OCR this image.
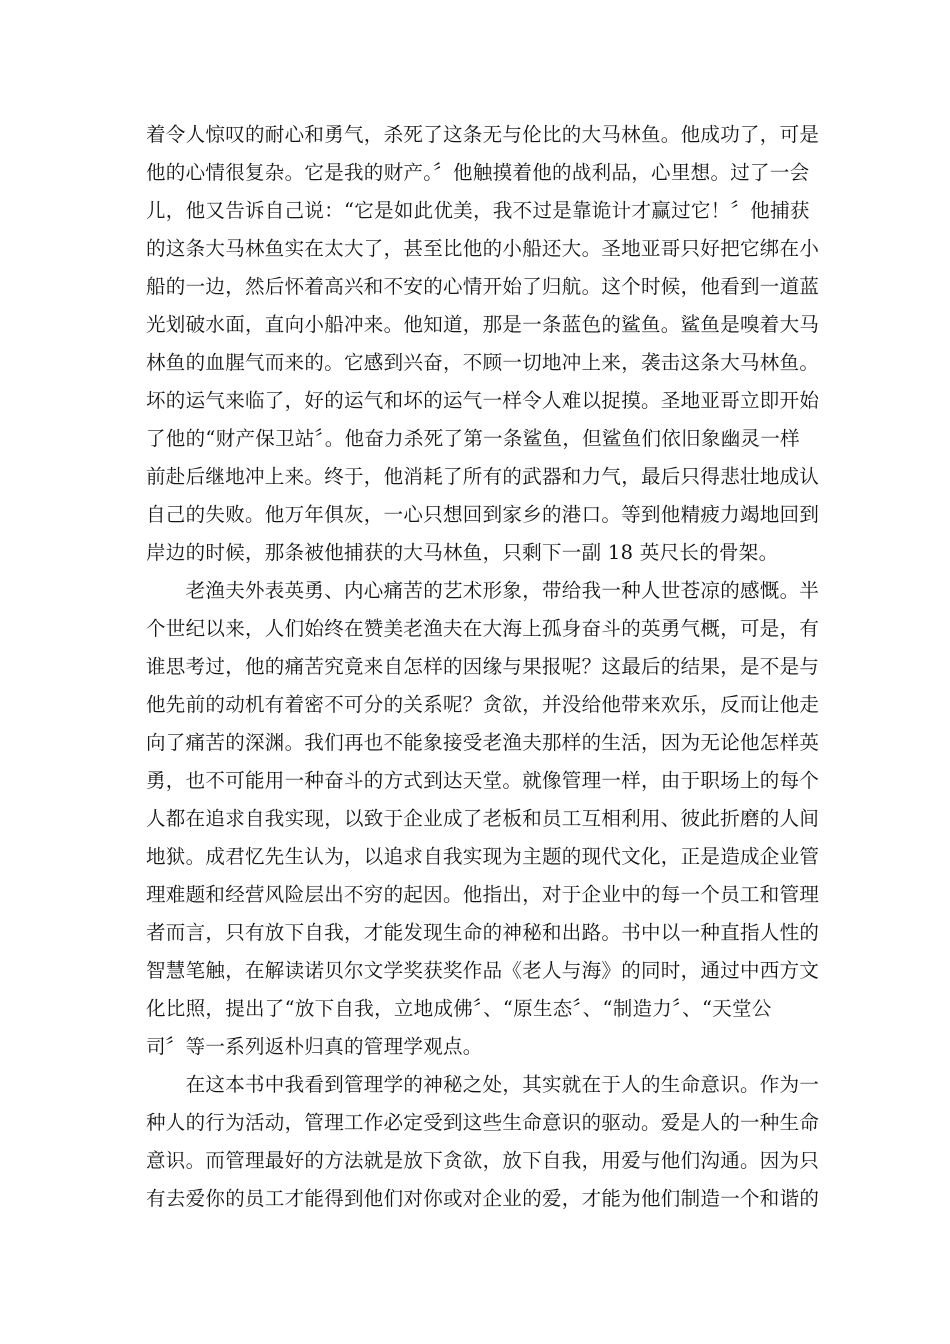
着令人惊叹的耐心和勇气，杀死了这条无与伦比的大马林鱼。他成功了，可是
他的心情很复杂。它是我的财产。〞他触摸着他的战利品，心里想。过了一会
儿，他又告诉自己说：“它是如此优美，我不过是靠诡计才赢过它！〞他捕获
的这条大马林鱼实在太大了，甚至比他的小船还大。圣地亚哥只好把它绑在小
船的一边，然后怀着高兴和不安的心情开始了归航。这个时候，他看到一道蓝
光划破水面，直向小船冲来。他知道，那是一条蓝色的鲨鱼。鲨鱼是嗅着大马
林鱼的血腥气而来的。它感到兴奋，不顾一切地冲上来，袭击这条大马林鱼。
坏的运气来临了，好的运气和坏的运气一样令人难以捉摸。圣地亚哥立即开始
了他的“财产保卫站〞。他奋力杀死了第一条鲨鱼，但鲨鱼们依旧象幽灵一样
前赴后继地冲上来。终于，他消耗了所有的武器和力气，最后只得悲壮地成认
自己的失败。他万年俱灰，一心只想回到家乡的港口。等到他精疲力竭地回到
岸边的时候，那条被他捕获的大马林鱼，只剩下一副 18 英尺长的骨架。
　　老渔夫外表英勇、内心痛苦的艺术形象，带给我一种人世苍凉的感慨。半
个世纪以来，人们始终在赞美老渔夫在大海上孤身奋斗的英勇气概，可是，有
谁思考过，他的痛苦究竟来自怎样的因缘与果报呢？这最后的结果，是不是与
他先前的动机有着密不可分的关系呢？贪欲，并没给他带来欢乐，反而让他走
向了痛苦的深渊。我们再也不能象接受老渔夫那样的生活，因为无论他怎样英
勇，也不可能用一种奋斗的方式到达天堂。就像管理一样，由于职场上的每个
人都在追求自我实现，以致于企业成了老板和员工互相利用、彼此折磨的人间
地狱。成君忆先生认为，以追求自我实现为主题的现代文化，正是造成企业管
理难题和经营风险层出不穷的起因。他指出，对于企业中的每一个员工和管理
者而言，只有放下自我，才能发现生命的神秘和出路。书中以一种直指人性的
智慧笔触，在解读诺贝尔文学奖获奖作品《老人与海》的同时，通过中西方文
化比照，提出了“放下自我，立地成佛〞、“原生态〞、“制造力〞、“天堂公
司〞等一系列返朴归真的管理学观点。
　　在这本书中我看到管理学的神秘之处，其实就在于人的生命意识。作为一
种人的行为活动，管理工作必定受到这些生命意识的驱动。爱是人的一种生命
意识。而管理最好的方法就是放下贪欲，放下自我，用爱与他们沟通。因为只
有去爱你的员工才能得到他们对你或对企业的爱，才能为他们制造一个和谐的
